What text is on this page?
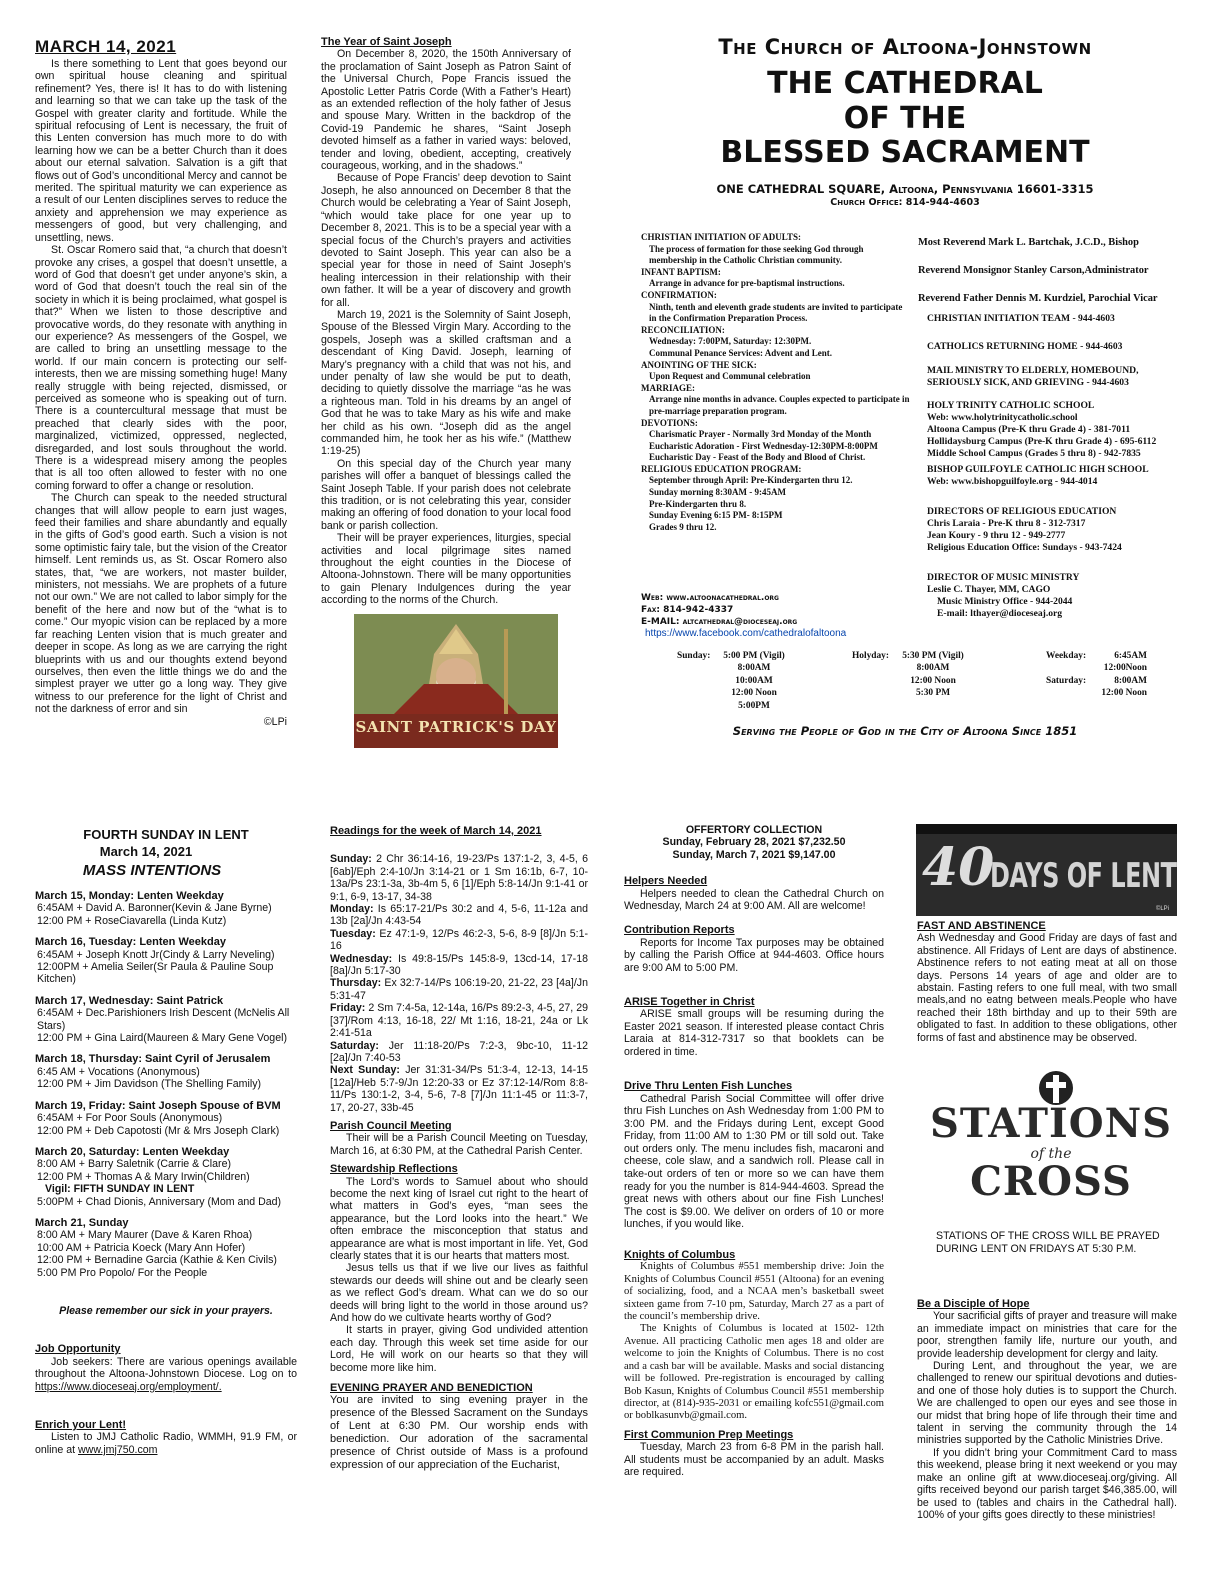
MARCH 14, 2021

Is there something to Lent that goes beyond our own spiritual house cleaning and spiritual refinement? Yes, there is! It has to do with listening and learning so that we can take up the task of the Gospel with greater clarity and fortitude. While the spiritual refocusing of Lent is necessary, the fruit of this Lenten conversion has much more to do with learning how we can be a better Church than it does about our eternal salvation. Salvation is a gift that flows out of God’s unconditional Mercy and cannot be merited. The spiritual maturity we can experience as a result of our Lenten disciplines serves to reduce the anxiety and apprehension we may experience as messengers of good, but very challenging, and unsettling, news.

St. Oscar Romero said that, “a church that doesn’t provoke any crises, a gospel that doesn’t unsettle, a word of God that doesn’t get under anyone’s skin, a word of God that doesn’t touch the real sin of the society in which it is being proclaimed, what gospel is that?” When we listen to those descriptive and provocative words, do they resonate with anything in our experience? As messengers of the Gospel, we are called to bring an unsettling message to the world. If our main concern is protecting our self-interests, then we are missing something huge! Many really struggle with being rejected, dismissed, or perceived as someone who is speaking out of turn. There is a countercultural message that must be preached that clearly sides with the poor, marginalized, victimized, oppressed, neglected, disregarded, and lost souls throughout the world. There is a widespread misery among the peoples that is all too often allowed to fester with no one coming forward to offer a change or resolution.

The Church can speak to the needed structural changes that will allow people to earn just wages, feed their families and share abundantly and equally in the gifts of God’s good earth. Such a vision is not some optimistic fairy tale, but the vision of the Creator himself. Lent reminds us, as St. Oscar Romero also states, that, “we are workers, not master builder, ministers, not messiahs. We are prophets of a future not our own.” We are not called to labor simply for the benefit of the here and now but of the “what is to come.” Our myopic vision can be replaced by a more far reaching Lenten vision that is much greater and deeper in scope. As long as we are carrying the right blueprints with us and our thoughts extend beyond ourselves, then even the little things we do and the simplest prayer we utter go a long way. They give witness to our preference for the light of Christ and not the darkness of error and sin

©LPi
The Year of Saint Joseph

On December 8, 2020, the 150th Anniversary of the proclamation of Saint Joseph as Patron Saint of the Universal Church, Pope Francis issued the Apostolic Letter Patris Corde (With a Father’s Heart) as an extended reflection of the holy father of Jesus and spouse Mary. Written in the backdrop of the Covid-19 Pandemic he shares, “Saint Joseph devoted himself as a father in varied ways: beloved, tender and loving, obedient, accepting, creatively courageous, working, and in the shadows.”

Because of Pope Francis’ deep devotion to Saint Joseph, he also announced on December 8 that the Church would be celebrating a Year of Saint Joseph, “which would take place for one year up to December 8, 2021. This is to be a special year with a special focus of the Church’s prayers and activities devoted to Saint Joseph. This year can also be a special year for those in need of Saint Joseph’s healing intercession in their relationship with their own father. It will be a year of discovery and growth for all.

March 19, 2021 is the Solemnity of Saint Joseph, Spouse of the Blessed Virgin Mary. According to the gospels, Joseph was a skilled craftsman and a descendant of King David. Joseph, learning of Mary’s pregnancy with a child that was not his, and under penalty of law she would be put to death, deciding to quietly dissolve the marriage “as he was a righteous man. Told in his dreams by an angel of God that he was to take Mary as his wife and make her child as his own. “Joseph did as the angel commanded him, he took her as his wife.” (Matthew 1:19-25)

On this special day of the Church year many parishes will offer a banquet of blessings called the Saint Joseph Table. If your parish does not celebrate this tradition, or is not celebrating this year, consider making an offering of food donation to your local food bank or parish collection.

Their will be prayer experiences, liturgies, special activities and local pilgrimage sites named throughout the eight counties in the Diocese of Altoona-Johnstown. There will be many opportunities to gain Plenary Indulgences during the year according to the norms of the Church.

SAINT PATRICK'S DAY
The Church of Altoona-Johnstown
THE CATHEDRAL
OF THE
BLESSED SACRAMENT
ONE CATHEDRAL SQUARE, Altoona, Pennsylvania 16601-3315
Church Office: 814-944-4603
CHRISTIAN INITIATION OF ADULTS:
The process of formation for those seeking God through membership in the Catholic Christian community.
INFANT BAPTISM:
Arrange in advance for pre-baptismal instructions.
CONFIRMATION:
Ninth, tenth and eleventh grade students are invited to participate in the Confirmation Preparation Process.
RECONCILIATION:
Wednesday: 7:00PM, Saturday: 12:30PM.
Communal Penance Services: Advent and Lent.
ANOINTING OF THE SICK:
Upon Request and Communal celebration
MARRIAGE:
Arrange nine months in advance. Couples expected to participate in pre-marriage preparation program.
DEVOTIONS:
Charismatic Prayer - Normally 3rd Monday of the Month
Eucharistic Adoration - First Wednesday-12:30PM-8:00PM
Eucharistic Day - Feast of the Body and Blood of Christ.
RELIGIOUS EDUCATION PROGRAM:
September through April: Pre-Kindergarten thru 12.
Sunday morning 8:30AM - 9:45AM
Pre-Kindergarten thru 8.
Sunday Evening 6:15 PM- 8:15PM
Grades 9 thru 12.
Web: www.altoonacathedral.org
Fax: 814-942-4337
E-MAIL: altcathedral@dioceseaj.org
https://www.facebook.com/cathedralofaltoona
Most Reverend Mark L. Bartchak, J.C.D., Bishop
Reverend Monsignor Stanley Carson,Administrator
Reverend Father Dennis M. Kurdziel, Parochial Vicar
CHRISTIAN INITIATION TEAM - 944-4603
CATHOLICS RETURNING HOME - 944-4603
MAIL MINISTRY TO ELDERLY, HOMEBOUND,
SERIOUSLY SICK, AND GRIEVING - 944-4603
HOLY TRINITY CATHOLIC SCHOOL
Web: www.holytrinitycatholic.school
Altoona Campus (Pre-K thru Grade 4) - 381-7011
Hollidaysburg Campus (Pre-K thru Grade 4) - 695-6112
Middle School Campus (Grades 5 thru 8) - 942-7835
BISHOP GUILFOYLE CATHOLIC HIGH SCHOOL
Web: www.bishopguilfoyle.org - 944-4014
DIRECTORS OF RELIGIOUS EDUCATION
Chris Laraia - Pre-K thru 8 - 312-7317
Jean Koury - 9 thru 12 - 949-2777
Religious Education Office: Sundays - 943-7424
DIRECTOR OF MUSIC MINISTRY
Leslie C. Thayer, MM, CAGO
Music Ministry Office - 944-2044
E-mail: lthayer@dioceseaj.org
Sunday:	5:00 PM (Vigil)
8:00AM
10:00AM
12:00 Noon
5:00PM
Holyday:	5:30 PM (Vigil)
8:00AM
12:00 Noon
5:30 PM
Weekday:	6:45AM
12:00Noon
Saturday:	8:00AM
12:00 Noon
Serving the People of God in the City of Altoona Since 1851
FOURTH SUNDAY IN LENT
March 14, 2021
MASS INTENTIONS
March 15, Monday: Lenten Weekday
6:45AM + David A. Baronner(Kevin & Jane Byrne)
12:00 PM + RoseCiavarella (Linda Kutz)
March 16, Tuesday: Lenten Weekday
6:45AM + Joseph Knott Jr(Cindy & Larry Neveling)
12:00PM + Amelia Seiler(Sr Paula & Pauline Soup Kitchen)
March 17, Wednesday: Saint Patrick
6:45AM + Dec.Parishioners Irish Descent (McNelis All Stars)
12:00 PM + Gina Laird(Maureen & Mary Gene Vogel)
March 18, Thursday: Saint Cyril of Jerusalem
6:45 AM + Vocations (Anonymous)
12:00 PM + Jim Davidson (The Shelling Family)
March 19, Friday: Saint Joseph Spouse of BVM
6:45AM + For Poor Souls (Anonymous)
12:00 PM + Deb Capotosti (Mr & Mrs Joseph Clark)
March 20, Saturday: Lenten Weekday
8:00 AM + Barry Saletnik (Carrie & Clare)
12:00 PM + Thomas A & Mary Irwin(Children)
Vigil: FIFTH SUNDAY IN LENT
5:00PM + Chad Dionis, Anniversary (Mom and Dad)
March 21, Sunday
8:00 AM + Mary Maurer (Dave & Karen Rhoa)
10:00 AM + Patricia Koeck (Mary Ann Hofer)
12:00 PM + Bernadine Garcia (Kathie & Ken Civils)
5:00 PM Pro Popolo/ For the People
Please remember our sick in your prayers.
Job Opportunity

Job seekers: There are various openings available throughout the Altoona-Johnstown Diocese. Log on to https://www.dioceseaj.org/employment/.

Enrich your Lent!

Listen to JMJ Catholic Radio, WMMH, 91.9 FM, or online at www.jmj750.com

Readings for the week of March 14, 2021
Sunday: 2 Chr 36:14-16, 19-23/Ps 137:1-2, 3, 4-5, 6 [6ab]/Eph 2:4-10/Jn 3:14-21 or 1 Sm 16:1b, 6-7, 10-13a/Ps 23:1-3a, 3b-4m 5, 6 [1]/Eph 5:8-14/Jn 9:1-41 or 9:1, 6-9, 13-17, 34-38
Monday: Is 65:17-21/Ps 30:2 and 4, 5-6, 11-12a and 13b [2a]/Jn 4:43-54
Tuesday: Ez 47:1-9, 12/Ps 46:2-3, 5-6, 8-9 [8]/Jn 5:1-16
Wednesday: Is 49:8-15/Ps 145:8-9, 13cd-14, 17-18 [8a]/Jn 5:17-30
Thursday: Ex 32:7-14/Ps 106:19-20, 21-22, 23 [4a]/Jn 5:31-47
Friday: 2 Sm 7:4-5a, 12-14a, 16/Ps 89:2-3, 4-5, 27, 29 [37]/Rom 4:13, 16-18, 22/ Mt 1:16, 18-21, 24a or Lk 2:41-51a
Saturday: Jer 11:18-20/Ps 7:2-3, 9bc-10, 11-12 [2a]/Jn 7:40-53
Next Sunday: Jer 31:31-34/Ps 51:3-4, 12-13, 14-15 [12a]/Heb 5:7-9/Jn 12:20-33 or Ez 37:12-14/Rom 8:8-11/Ps 130:1-2, 3-4, 5-6, 7-8 [7]/Jn 11:1-45 or 11:3-7, 17, 20-27, 33b-45
Parish Council Meeting

Their will be a Parish Council Meeting on Tuesday, March 16, at 6:30 PM, at the Cathedral Parish Center.

Stewardship Reflections

The Lord’s words to Samuel about who should become the next king of Israel cut right to the heart of what matters in God’s eyes, “man sees the appearance, but the Lord looks into the heart.” We often embrace the misconception that status and appearance are what is most important in life. Yet, God clearly states that it is our hearts that matters most.

Jesus tells us that if we live our lives as faithful stewards our deeds will shine out and be clearly seen as we reflect God’s dream. What can we do so our deeds will bring light to the world in those around us? And how do we cultivate hearts worthy of God?

It starts in prayer, giving God undivided attention each day. Through this week set time aside for our Lord, He will work on our hearts so that they will become more like him.

EVENING PRAYER AND BENEDICTION

You are invited to sing evening prayer in the presence of the Blessed Sacrament on the Sundays of Lent at 6:30 PM. Our worship ends with benediction. Our adoration of the sacramental presence of Christ outside of Mass is a profound expression of our appreciation of the Eucharist,

OFFERTORY COLLECTION
Sunday, February 28, 2021 $7,232.50
Sunday, March 7, 2021 $9,147.00
Helpers Needed

Helpers needed to clean the Cathedral Church on Wednesday, March 24 at 9:00 AM. All are welcome!

Contribution Reports

Reports for Income Tax purposes may be obtained by calling the Parish Office at 944-4603. Office hours are 9:00 AM to 5:00 PM.

ARISE Together in Christ

ARISE small groups will be resuming during the Easter 2021 season. If interested please contact Chris Laraia at 814-312-7317 so that booklets can be ordered in time.

Drive Thru Lenten Fish Lunches

Cathedral Parish Social Committee will offer drive thru Fish Lunches on Ash Wednesday from 1:00 PM to 3:00 PM. and the Fridays during Lent, except Good Friday, from 11:00 AM to 1:30 PM or till sold out. Take out orders only. The menu includes fish, macaroni and cheese, cole slaw, and a sandwich roll. Please call in take-out orders of ten or more so we can have them ready for you the number is 814-944-4603. Spread the great news with others about our fine Fish Lunches! The cost is $9.00. We deliver on orders of 10 or more lunches, if you would like.

Knights of Columbus

Knights of Columbus #551 membership drive: Join the Knights of Columbus Council #551 (Altoona) for an evening of socializing, food, and a NCAA men’s basketball sweet sixteen game from 7-10 pm, Saturday, March 27 as a part of the council’s membership drive.

The Knights of Columbus is located at 1502- 12th Avenue. All practicing Catholic men ages 18 and older are welcome to join the Knights of Columbus. There is no cost and a cash bar will be available. Masks and social distancing will be followed. Pre-registration is encouraged by calling Bob Kasun, Knights of Columbus Council #551 membership director, at (814)-935-2031 or emailing kofc551@gmail.com or boblkasunvb@gmail.com.

First Communion Prep Meetings

Tuesday, March 23 from 6-8 PM in the parish hall. All students must be accompanied by an adult. Masks are required.

40
DAYS OF LENT
©LPi
FAST AND ABSTINENCE

Ash Wednesday and Good Friday are days of fast and abstinence. All Fridays of Lent are days of abstinence. Abstinence refers to not eating meat at all on those days. Persons 14 years of age and older are to abstain. Fasting refers to one full meal, with two small meals,and no eatng between meals.People who have reached their 18th birthday and up to their 59th are obligated to fast. In addition to these obligations, other forms of fast and abstinence may be observed.

STATIONS
of the
CROSS
STATIONS OF THE CROSS WILL BE PRAYED DURING LENT ON FRIDAYS AT 5:30 P.M.
Be a Disciple of Hope

Your sacrificial gifts of prayer and treasure will make an immediate impact on ministries that care for the poor, strengthen family life, nurture our youth, and provide leadership development for clergy and laity.

During Lent, and throughout the year, we are challenged to renew our spiritual devotions and duties- and one of those holy duties is to support the Church. We are challenged to open our eyes and see those in our midst that bring hope of life through their time and talent in serving the community through the 14 ministries supported by the Catholic Ministries Drive.

If you didn’t bring your Commitment Card to mass this weekend, please bring it next weekend or you may make an online gift at www.dioceseaj.org/giving. All gifts received beyond our parish target $46,385.00, will be used to (tables and chairs in the Cathedral hall). 100% of your gifts goes directly to these ministries!
